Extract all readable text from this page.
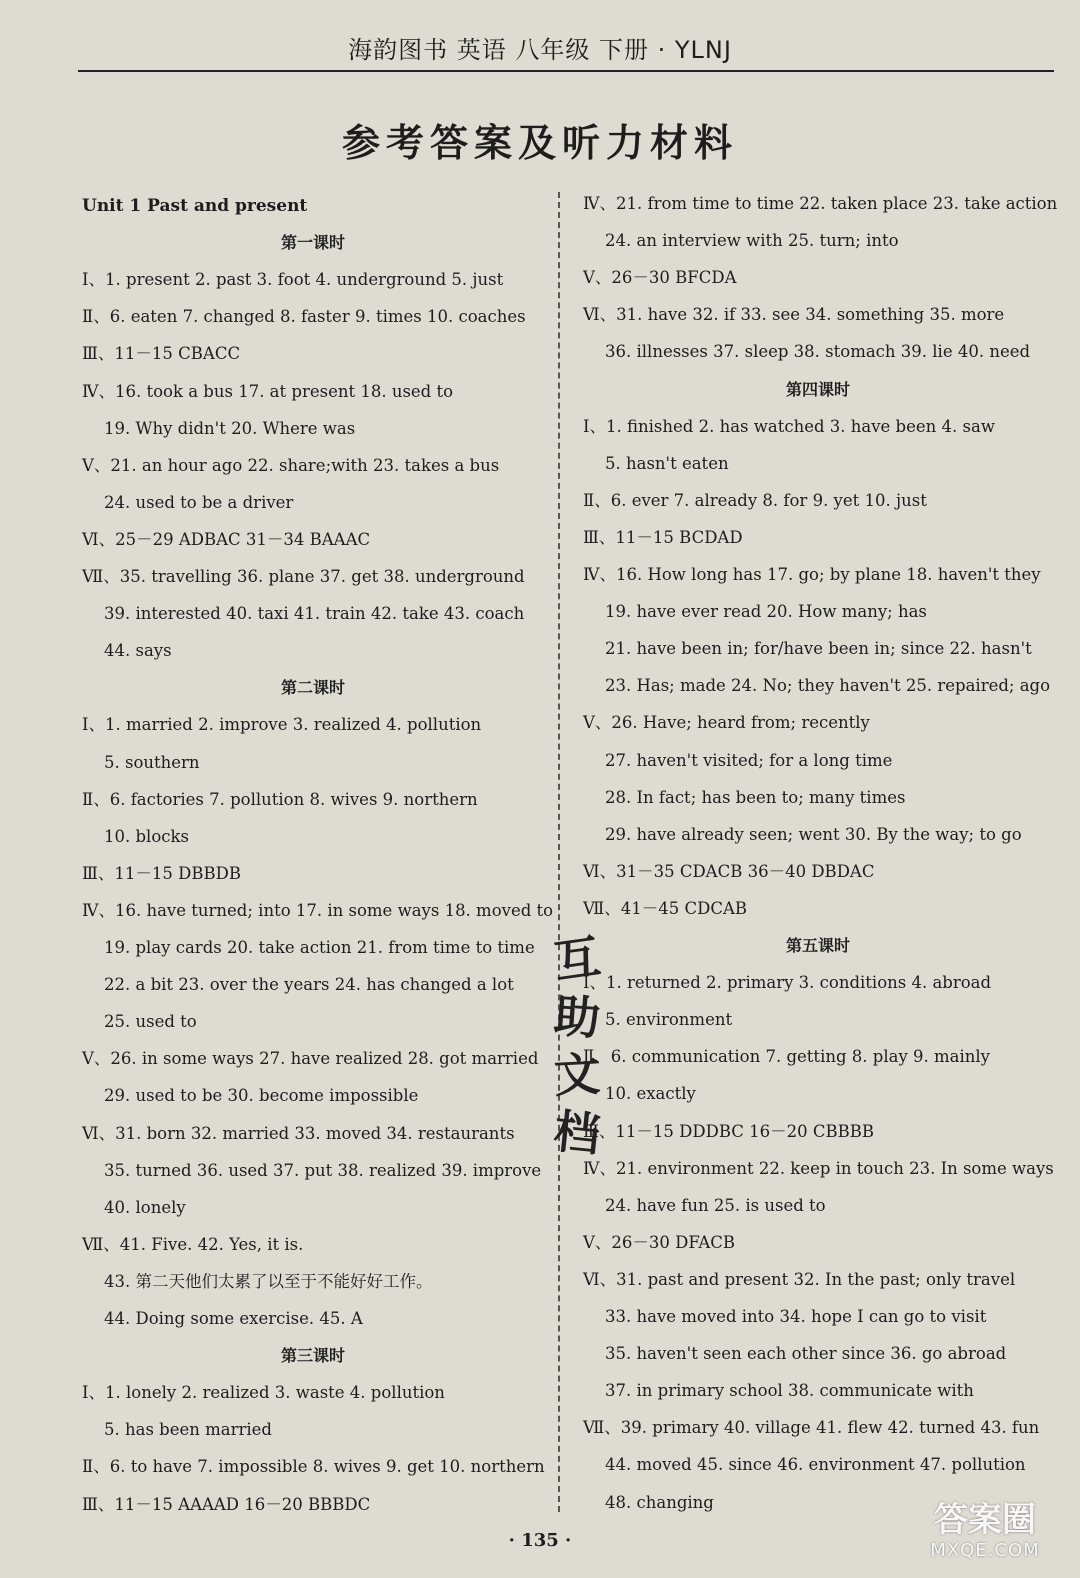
海韵图书 英语 八年级 下册 · YLNJ
参考答案及听力材料
Unit 1 Past and present
第一课时
Ⅰ、1. present 2. past 3. foot 4. underground 5. just
Ⅱ、6. eaten 7. changed 8. faster 9. times 10. coaches
Ⅲ、11－15 CBACC
Ⅳ、16. took a bus 17. at present 18. used to
19. Why didn't 20. Where was
Ⅴ、21. an hour ago 22. share;with 23. takes a bus
24. used to be a driver
Ⅵ、25－29 ADBAC 31－34 BAAAC
Ⅶ、35. travelling 36. plane 37. get 38. underground
39. interested 40. taxi 41. train 42. take 43. coach
44. says
第二课时
Ⅰ、1. married 2. improve 3. realized 4. pollution
5. southern
Ⅱ、6. factories 7. pollution 8. wives 9. northern
10. blocks
Ⅲ、11－15 DBBDB
Ⅳ、16. have turned; into 17. in some ways 18. moved to
19. play cards 20. take action 21. from time to time
22. a bit 23. over the years 24. has changed a lot
25. used to
Ⅴ、26. in some ways 27. have realized 28. got married
29. used to be 30. become impossible
Ⅵ、31. born 32. married 33. moved 34. restaurants
35. turned 36. used 37. put 38. realized 39. improve
40. lonely
Ⅶ、41. Five. 42. Yes, it is.
43. 第二天他们太累了以至于不能好好工作。
44. Doing some exercise. 45. A
第三课时
Ⅰ、1. lonely 2. realized 3. waste 4. pollution
5. has been married
Ⅱ、6. to have 7. impossible 8. wives 9. get 10. northern
Ⅲ、11－15 AAAAD 16－20 BBBDC
Ⅳ、21. from time to time 22. taken place 23. take action
24. an interview with 25. turn; into
Ⅴ、26－30 BFCDA
Ⅵ、31. have 32. if 33. see 34. something 35. more
36. illnesses 37. sleep 38. stomach 39. lie 40. need
第四课时
Ⅰ、1. finished 2. has watched 3. have been 4. saw
5. hasn't eaten
Ⅱ、6. ever 7. already 8. for 9. yet 10. just
Ⅲ、11－15 BCDAD
Ⅳ、16. How long has 17. go; by plane 18. haven't they
19. have ever read 20. How many; has
21. have been in; for/have been in; since 22. hasn't
23. Has; made 24. No; they haven't 25. repaired; ago
Ⅴ、26. Have; heard from; recently
27. haven't visited; for a long time
28. In fact; has been to; many times
29. have already seen; went 30. By the way; to go
Ⅵ、31－35 CDACB 36－40 DBDAC
Ⅶ、41－45 CDCAB
第五课时
Ⅰ、1. returned 2. primary 3. conditions 4. abroad
5. environment
Ⅱ、6. communication 7. getting 8. play 9. mainly
10. exactly
Ⅲ、11－15 DDDBC 16－20 CBBBB
Ⅳ、21. environment 22. keep in touch 23. In some ways
24. have fun 25. is used to
Ⅴ、26－30 DFACB
Ⅵ、31. past and present 32. In the past; only travel
33. have moved into 34. hope I can go to visit
35. haven't seen each other since 36. go abroad
37. in primary school 38. communicate with
Ⅶ、39. primary 40. village 41. flew 42. turned 43. fun
44. moved 45. since 46. environment 47. pollution
48. changing
互
助
文
档
· 135 ·
答案圈
MXQE.COM
